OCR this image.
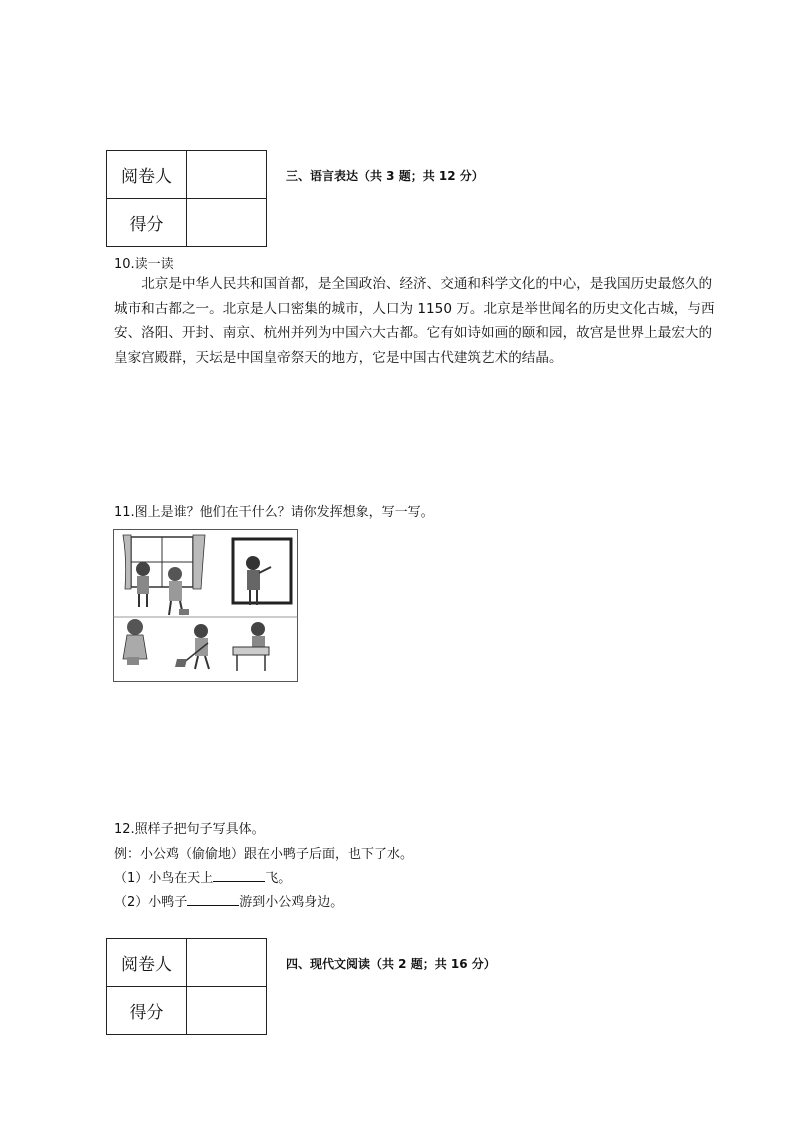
阅卷人	
得分	
三、语言表达（共 3 题；共 12 分）
10.读一读

北京是中华人民共和国首都，是全国政治、经济、交通和科学文化的中心，是我国历史最悠久的城市和古都之一。北京是人口密集的城市，人口为 1150 万。北京是举世闻名的历史文化古城，与西安、洛阳、开封、南京、杭州并列为中国六大古都。它有如诗如画的颐和园，故宫是世界上最宏大的皇家宫殿群，天坛是中国皇帝祭天的地方，它是中国古代建筑艺术的结晶。

11.图上是谁？他们在干什么？请你发挥想象，写一写。
12.照样子把句子写具体。
例：小公鸡（偷偷地）跟在小鸭子后面，也下了水。
（1）小鸟在天上	飞。
（2）小鸭子	游到小公鸡身边。
阅卷人	
得分	
四、现代文阅读（共 2 题；共 16 分）
